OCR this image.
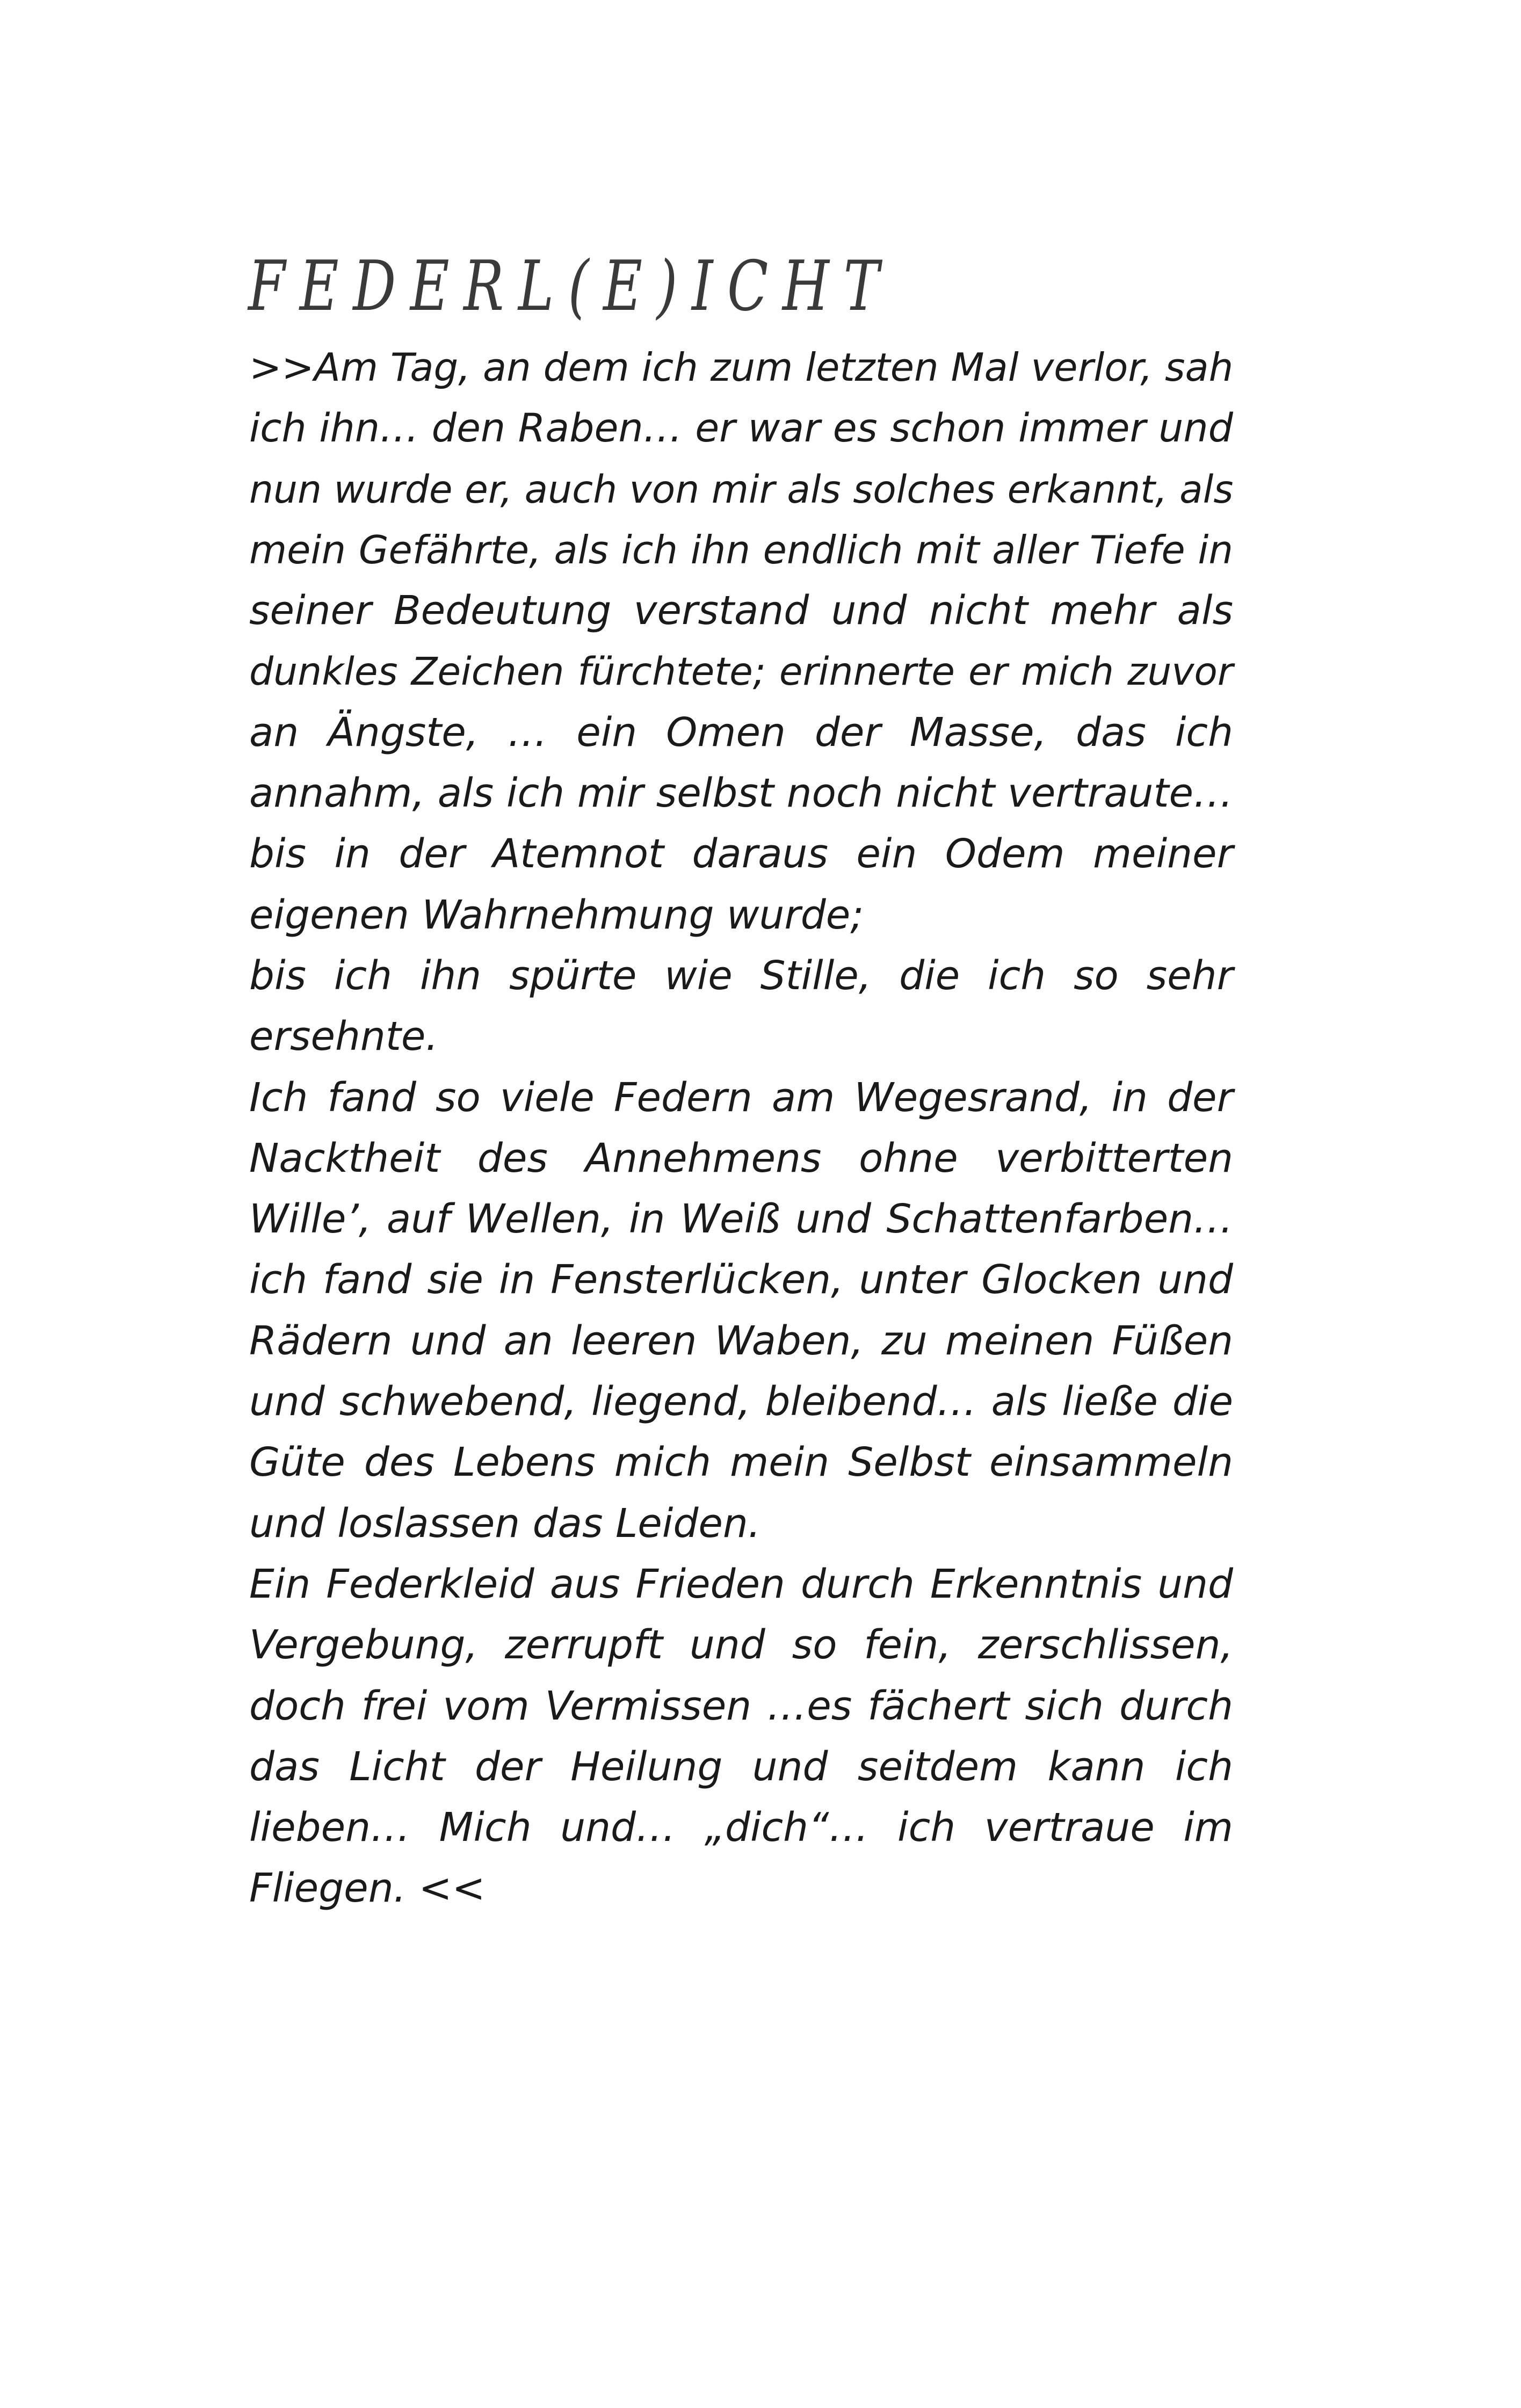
FEDERL(E)ICHT
>>Am Tag, an dem ich zum letzten Mal verlor, sah
ich ihn… den Raben… er war es schon immer und
nun wurde er, auch von mir als solches erkannt, als
mein Gefährte, als ich ihn endlich mit aller Tiefe in
seiner Bedeutung verstand und nicht mehr als
dunkles Zeichen fürchtete; erinnerte er mich zuvor
an Ängste, … ein Omen der Masse, das ich
annahm, als ich mir selbst noch nicht vertraute…
bis in der Atemnot daraus ein Odem meiner
eigenen Wahrnehmung wurde;
bis ich ihn spürte wie Stille, die ich so sehr
ersehnte.
Ich fand so viele Federn am Wegesrand, in der
Nacktheit des Annehmens ohne verbitterten
Wille’, auf Wellen, in Weiß und Schattenfarben…
ich fand sie in Fensterlücken, unter Glocken und
Rädern und an leeren Waben, zu meinen Füßen
und schwebend, liegend, bleibend… als ließe die
Güte des Lebens mich mein Selbst einsammeln
und loslassen das Leiden.
Ein Federkleid aus Frieden durch Erkenntnis und
Vergebung, zerrupft und so fein, zerschlissen,
doch frei vom Vermissen …es fächert sich durch
das Licht der Heilung und seitdem kann ich
lieben… Mich und… „dich“… ich vertraue im
Fliegen. <<
